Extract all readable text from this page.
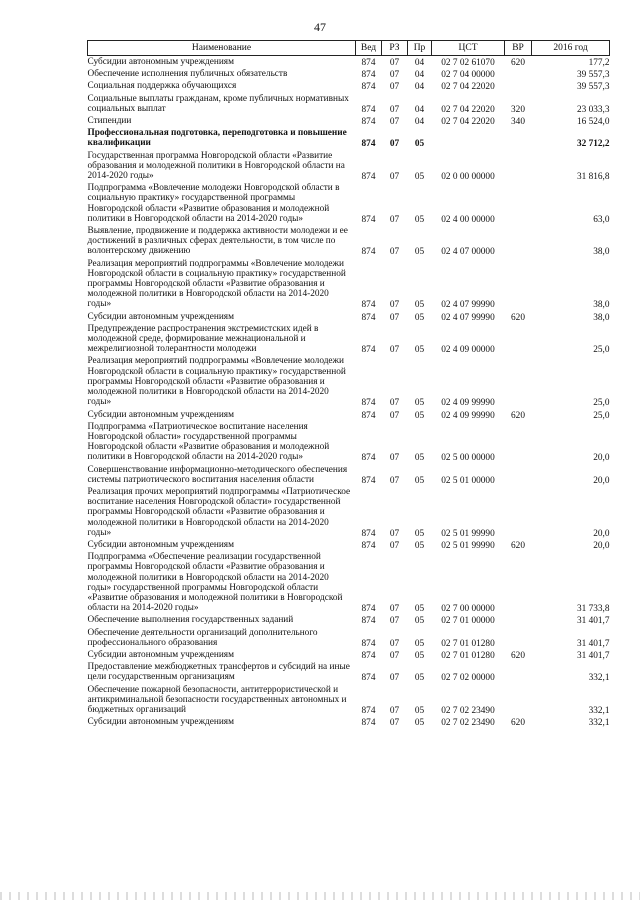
47
Наименование	Вед	РЗ	Пр	ЦСТ	ВР	2016 год
Субсидии автономным учреждениям	874	07	04	02 7 02 61070	620	177,2
Обеспечение исполнения публичных обязательств	874	07	04	02 7 04 00000		39 557,3
Социальная поддержка обучающихся	874	07	04	02 7 04 22020		39 557,3
Социальные выплаты гражданам, кроме публичных нормативных социальных выплат	874	07	04	02 7 04 22020	320	23 033,3
Стипендии	874	07	04	02 7 04 22020	340	16 524,0
Профессиональная подготовка, переподготовка и повышение квалификации	874	07	05			32 712,2
Государственная программа Новгородской области «Развитие образования и молодежной политики в Новгородской области на 2014-2020 годы»	874	07	05	02 0 00 00000		31 816,8
Подпрограмма «Вовлечение молодежи Новгородской области в социальную практику» государственной программы Новгородской области «Развитие образования и молодежной политики в Новгородской области на 2014-2020 годы»	874	07	05	02 4 00 00000		63,0
Выявление, продвижение и поддержка активности молодежи и ее достижений в различных сферах деятельности, в том числе по волонтерскому движению	874	07	05	02 4 07 00000		38,0
Реализация мероприятий подпрограммы «Вовлечение молодежи Новгородской области в социальную практику» государственной программы Новгородской области «Развитие образования и молодежной политики в Новгородской области на 2014-2020 годы»	874	07	05	02 4 07 99990		38,0
Субсидии автономным учреждениям	874	07	05	02 4 07 99990	620	38,0
Предупреждение распространения экстремистских идей в молодежной среде, формирование межнациональной и межрелигиозной толерантности молодежи	874	07	05	02 4 09 00000		25,0
Реализация мероприятий подпрограммы «Вовлечение молодежи Новгородской области в социальную практику» государственной программы Новгородской области «Развитие образования и молодежной политики в Новгородской области на 2014-2020 годы»	874	07	05	02 4 09 99990		25,0
Субсидии автономным учреждениям	874	07	05	02 4 09 99990	620	25,0
Подпрограмма «Патриотическое воспитание населения Новгородской области» государственной программы Новгородской области «Развитие образования и молодежной политики в Новгородской области на 2014-2020 годы»	874	07	05	02 5 00 00000		20,0
Совершенствование информационно-методического обеспечения системы патриотического воспитания населения области	874	07	05	02 5 01 00000		20,0
Реализация прочих мероприятий подпрограммы «Патриотическое воспитание населения Новгородской области» государственной программы Новгородской области «Развитие образования и молодежной политики в Новгородской области на 2014-2020 годы»	874	07	05	02 5 01 99990		20,0
Субсидии автономным учреждениям	874	07	05	02 5 01 99990	620	20,0
Подпрограмма «Обеспечение реализации государственной программы Новгородской области «Развитие образования и молодежной политики в Новгородской области на 2014-2020 годы» государственной программы Новгородской области «Развитие образования и молодежной политики в Новгородской области на 2014-2020 годы»	874	07	05	02 7 00 00000		31 733,8
Обеспечение выполнения государственных заданий	874	07	05	02 7 01 00000		31 401,7
Обеспечение деятельности организаций дополнительного профессионального образования	874	07	05	02 7 01 01280		31 401,7
Субсидии автономным учреждениям	874	07	05	02 7 01 01280	620	31 401,7
Предоставление межбюджетных трансфертов и субсидий на иные цели государственным организациям	874	07	05	02 7 02 00000		332,1
Обеспечение пожарной безопасности, антитеррористической и антикриминальной безопасности государственных автономных и бюджетных организаций	874	07	05	02 7 02 23490		332,1
Субсидии автономным учреждениям	874	07	05	02 7 02 23490	620	332,1
